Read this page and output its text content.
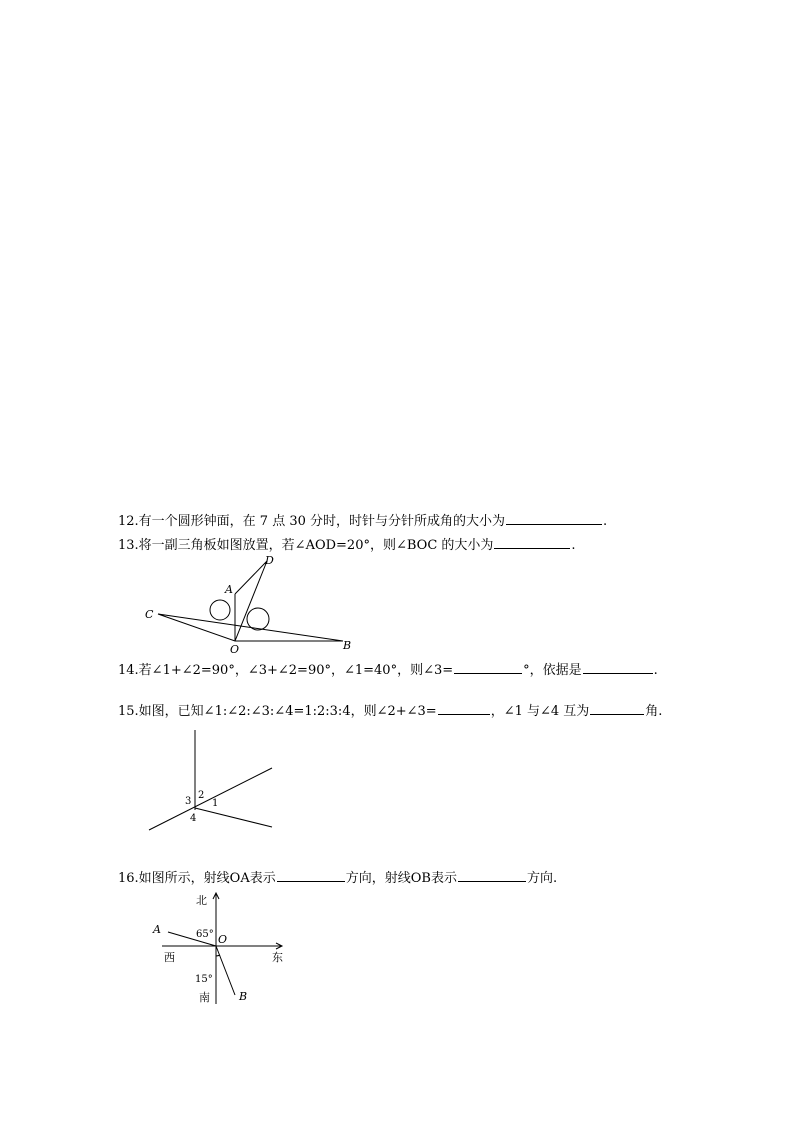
12.有一个圆形钟面，在 7 点 30 分时，时针与分针所成角的大小为	.
13.将一副三角板如图放置，若∠AOD=20°，则∠BOC 的大小为	.
C
A
D
O	B
14.若∠1+∠2=90°，∠3+∠2=90°，∠1=40°，则∠3=	°，依据是	.
15.如图，已知∠1:∠2:∠3:∠4=1:2:3:4，则∠2+∠3=	，∠1 与∠4 互为	角.
2
1
3
4
16.如图所示，射线OA表示	方向，射线OB表示	方向.
北
西	东
南
65°
15°
A
O
B
